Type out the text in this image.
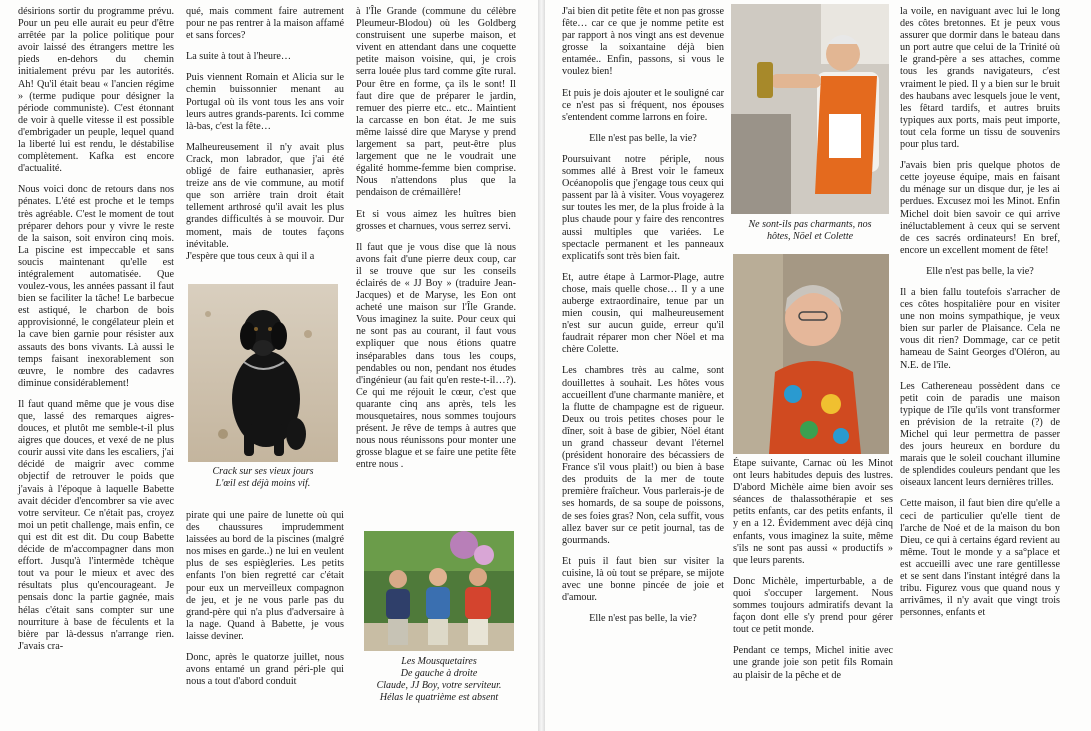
désirions sortir du programme prévu. Pour un peu elle aurait eu peur d'être arrêtée par la police politique pour avoir laissé des étrangers mettre les pieds en-dehors du chemin initialement prévu par les autorités. Ah! Qu'il était beau « l'ancien régime » (terme pudique pour désigner la période communiste). C'est étonnant de voir à quelle vitesse il est possible d'embrigader un peuple, lequel quand la liberté lui est rendu, le déstabilise complètement. Kafka est encore d'actualité.

Nous voici donc de retours dans nos pénates. L'été est proche et le temps très agréable. C'est le moment de tout préparer dehors pour y vivre le reste de la saison, soit environ cinq mois. La piscine est impeccable et sans soucis maintenant qu'elle est intégralement automatisée. Que voulez-vous, les années passant il faut bien se faciliter la tâche! Le barbecue est astiqué, le charbon de bois approvisionné, le congélateur plein et la cave bien garnie pour résister aux assauts des bons vivants. Là aussi le temps faisant inexorablement son œuvre, le nombre des cadavres diminue considérablement!

Il faut quand même que je vous dise que, lassé des remarques aigres-douces, et plutôt me semble-t-il plus aigres que douces, et vexé de ne plus courir aussi vite dans les escaliers, j'ai décidé de maigrir avec comme objectif de retrouver le poids que j'avais à l'époque à laquelle Babette avait décider d'encombrer sa vie avec votre serviteur. Ce n'était pas, croyez moi un petit challenge, mais enfin, ce qui est dit est dit. Du coup Babette décide de m'accompagner dans mon effort. Jusqu'à l'intermède tchèque tout va pour le mieux et avec des résultats plus qu'encourageant. Je pensais donc la partie gagnée, mais hélas c'était sans compter sur une nourriture à base de féculents et la bière par là-dessus n'arrange rien. J'avais cra-

qué, mais comment faire autrement pour ne pas rentrer à la maison affamé et sans forces?

La suite à tout à l'heure…

Puis viennent Romain et Alicia sur le chemin buissonnier menant au Portugal où ils vont tous les ans voir leurs autres grands-parents. Ici comme là-bas, c'est la fête…

Malheureusement il n'y avait plus Crack, mon labrador, que j'ai été obligé de faire euthanasier, après treize ans de vie commune, au motif que son arrière train droit était tellement arthrosé qu'il avait les plus grandes difficultés à se mouvoir. Dur moment, mais de toutes façons inévitable.

J'espère que tous ceux à qui il a

Crack sur ses vieux jours
L'œil est déjà moins vif.

pirate qui une paire de lunette où qui des chaussures imprudemment laissées au bord de la piscines (malgré nos mises en garde..) ne lui en veulent plus de ses espiègleries. Les petits enfants l'on bien regretté car c'était pour eux un merveilleux compagnon de jeu, et je ne vous parle pas du grand-père qui n'a plus d'adversaire à la nage. Quand à Babette, je vous laisse deviner.

Donc, après le quatorze juillet, nous avons entamé un grand péri-ple qui nous a tout d'abord conduit

à l'Île Grande (commune du célèbre Pleumeur-Blodou) où les Goldberg construisent une superbe maison, et vivent en attendant dans une coquette petite maison voisine, qui, je crois serra louée plus tard comme gîte rural. Pour être en forme, ça ils le sont! Il faut dire que de préparer le jardin, remuer des pierre etc.. etc.. Maintient la carcasse en bon état. Je me suis même laissé dire que Maryse y prend largement sa part, peut-être plus largement que ne le voudrait une égalité homme-femme bien comprise. Nous n'attendons plus que la pendaison de crémaillère!

Et si vous aimez les huîtres bien grosses et charnues, vous serrez servi.

Il faut que je vous dise que là nous avons fait d'une pierre deux coup, car il se trouve que sur les conseils éclairés de « JJ Boy » (traduire Jean-Jacques) et de Maryse, les Eon ont acheté une maison sur l'Île Grande. Vous imaginez la suite. Pour ceux qui ne sont pas au courant, il faut vous expliquer que nous étions quatre inséparables dans tous les coups, pendables ou non, pendant nos études d'ingénieur (au fait qu'en reste-t-il…?). Ce qui me réjouit le cœur, c'est que quarante cinq ans après, tels les mousquetaires, nous sommes toujours présent. Je rêve de temps à autres que nous nous réunissons pour monter une grosse blague et se faire une petite fête entre nous .

Les Mousquetaires
De gauche à droite
Claude, JJ Boy, votre serviteur.
Hélas le quatrième est absent

J'ai bien dit petite fête et non pas grosse fête… car ce que je nomme petite est par rapport à nos vingt ans est devenue grosse la soixantaine déjà bien entamée.. Enfin, passons, si vous le voulez bien!

Et puis je dois ajouter et le souligné car ce n'est pas si fréquent, nos épouses s'entendent comme larrons en foire.

Elle n'est pas belle, la vie?

Poursuivant notre périple, nous sommes allé à Brest voir le fameux Océanopolis que j'engage tous ceux qui passent par là à visiter. Vous voyagerez sur toutes les mer, de la plus froide à la plus chaude pour y faire des rencontres aussi multiples que variées. Le spectacle permanent et les panneaux explicatifs sont très bien fait.

Et, autre étape à Larmor-Plage, autre chose, mais quelle chose… Il y a une auberge extraordinaire, tenue par un mien cousin, qui malheureusement n'est sur aucun guide, erreur qu'il faudrait réparer mon cher Nöel et ma chère Colette.

Les chambres très au calme, sont douillettes à souhait. Les hôtes vous accueillent d'une charmante manière, et la flutte de champagne est de rigueur. Deux ou trois petites choses pour le dîner, soit à base de gibier, Nöel étant un grand chasseur devant l'éternel (président honoraire des bécassiers de France s'il vous plait!) ou bien à base des produits de la mer de toute première fraîcheur. Vous parlerais-je de ses homards, de sa soupe de poissons, de ses foies gras? Non, cela suffit, vous allez baver sur ce petit journal, tas de gourmands.

Et puis il faut bien sur visiter la cuisine, là où tout se prépare, se mijote avec une bonne pincée de joie et d'amour.

Elle n'est pas belle, la vie?

Ne sont-ils pas charmants, nos
hôtes, Nöel et Colette

Étape suivante, Carnac où les Minot ont leurs habitudes depuis des lustres. D'abord Michèle aime bien avoir ses séances de thalassothérapie et ses petits enfants, car des petits enfants, il y en a 12. Évidemment avec déjà cinq enfants, vous imaginez la suite, même s'ils ne sont pas aussi « productifs » que leurs parents.

Donc Michèle, imperturbable, a de quoi s'occuper largement. Nous sommes toujours admiratifs devant la façon dont elle s'y prend pour gérer tout ce petit monde.

Pendant ce temps, Michel initie avec une grande joie son petit fils Romain au plaisir de la pêche et de

la voile, en naviguant avec lui le long des côtes bretonnes. Et je peux vous assurer que dormir dans le bateau dans un port autre que celui de la Trinité où le grand-père a ses attaches, comme tous les grands navigateurs, c'est vraiment le pied. Il y a bien sur le bruit des haubans avec lesquels joue le vent, les fêtard tardifs, et autres bruits typiques aux ports, mais peut importe, tout cela forme un tissu de souvenirs pour plus tard.

J'avais bien pris quelque photos de cette joyeuse équipe, mais en faisant du ménage sur un disque dur, je les ai perdues. Excusez moi les Minot. Enfin Michel doit bien savoir ce qui arrive inéluctablement à ceux qui se servent de ces sacrés ordinateurs! En bref, encore un excellent moment de fête!

Elle n'est pas belle, la vie?

Il a bien fallu toutefois s'arracher de ces côtes hospitalière pour en visiter une non moins sympathique, je veux bien sur parler de Plaisance. Cela ne vous dit rien? Dommage, car ce petit hameau de Saint Georges d'Oléron, au N.E. de l'île.

Les Cathereneau possèdent dans ce petit coin de paradis une maison typique de l'île qu'ils vont transformer en prévision de la retraite (?) de Michel qui leur permettra de passer des jours heureux en bordure du marais que le soleil couchant illumine de splendides couleurs pendant que les oiseaux lancent leurs dernières trilles.

Cette maison, il faut bien dire qu'elle a ceci de particulier qu'elle tient de l'arche de Noé et de la maison du bon Dieu, ce qui à certains égard revient au même. Tout le monde y a sa°place et est accueilli avec une rare gentillesse et se sent dans l'instant intégré dans la tribu. Figurez vous que quand nous y arrivâmes, il n'y avait que vingt trois personnes, enfants et
